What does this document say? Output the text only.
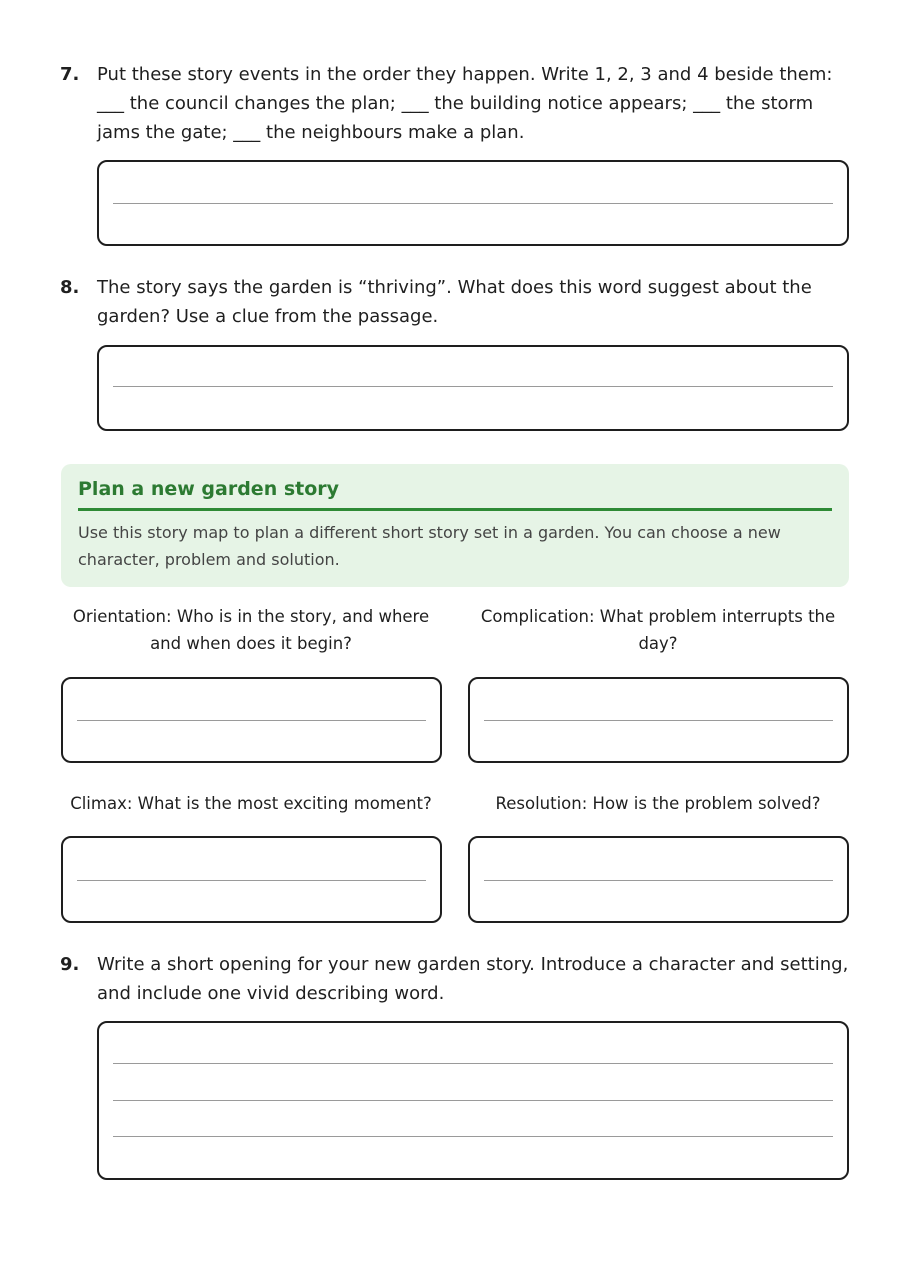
7. Put these story events in the order they happen. Write 1, 2, 3 and 4 beside them: ___ the council changes the plan; ___ the building notice appears; ___ the storm jams the gate; ___ the neighbours make a plan.
8. The story says the garden is “thriving”. What does this word suggest about the garden? Use a clue from the passage.
Plan a new garden story
Use this story map to plan a different short story set in a garden. You can choose a new character, problem and solution.
Orientation: Who is in the story, and where and when does it begin?
Complication: What problem interrupts the day?
Climax: What is the most exciting moment?	Resolution: How is the problem solved?
9. Write a short opening for your new garden story. Introduce a character and setting, and include one vivid describing word.
